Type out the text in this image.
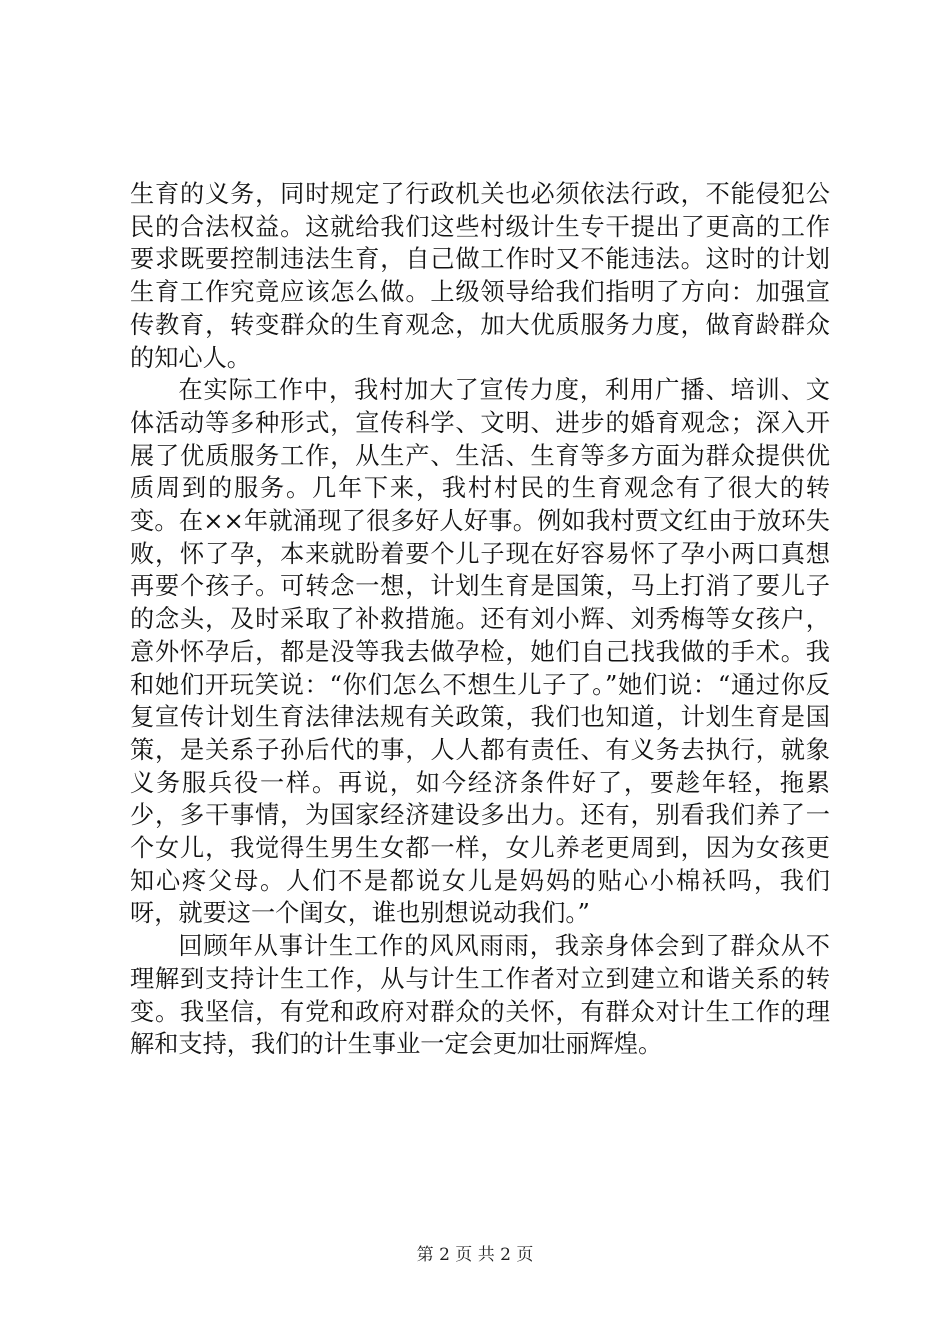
生育的义务，同时规定了行政机关也必须依法行政，不能侵犯公民的合法权益。这就给我们这些村级计生专干提出了更高的工作要求既要控制违法生育，自己做工作时又不能违法。这时的计划生育工作究竟应该怎么做。上级领导给我们指明了方向：加强宣传教育，转变群众的生育观念，加大优质服务力度，做育龄群众的知心人。

在实际工作中，我村加大了宣传力度，利用广播、培训、文体活动等多种形式，宣传科学、文明、进步的婚育观念；深入开展了优质服务工作，从生产、生活、生育等多方面为群众提供优质周到的服务。几年下来，我村村民的生育观念有了很大的转变。在××年就涌现了很多好人好事。例如我村贾文红由于放环失败，怀了孕，本来就盼着要个儿子现在好容易怀了孕小两口真想再要个孩子。可转念一想，计划生育是国策，马上打消了要儿子的念头，及时采取了补救措施。还有刘小辉、刘秀梅等女孩户，意外怀孕后，都是没等我去做孕检，她们自己找我做的手术。我和她们开玩笑说：“你们怎么不想生儿子了。”她们说：“通过你反复宣传计划生育法律法规有关政策，我们也知道，计划生育是国策，是关系子孙后代的事，人人都有责任、有义务去执行，就象义务服兵役一样。再说，如今经济条件好了，要趁年轻，拖累少，多干事情，为国家经济建设多出力。还有，别看我们养了一个女儿，我觉得生男生女都一样，女儿养老更周到，因为女孩更知心疼父母。人们不是都说女儿是妈妈的贴心小棉袄吗，我们呀，就要这一个闺女，谁也别想说动我们。”

回顾年从事计生工作的风风雨雨，我亲身体会到了群众从不理解到支持计生工作，从与计生工作者对立到建立和谐关系的转变。我坚信，有党和政府对群众的关怀，有群众对计生工作的理解和支持，我们的计生事业一定会更加壮丽辉煌。

第 2 页 共 2 页
